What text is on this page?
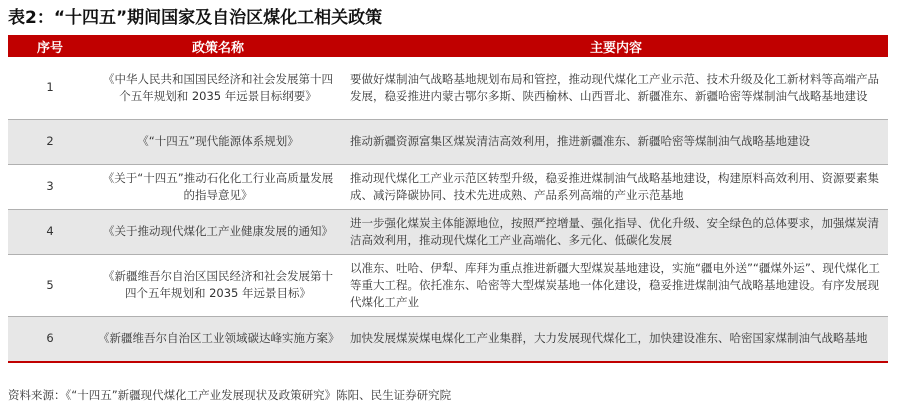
表2：“十四五”期间国家及自治区煤化工相关政策
序号	政策名称	主要内容
1	《中华人民共和国国民经济和社会发展第十四个五年规划和 2035 年远景目标纲要》	要做好煤制油气战略基地规划布局和管控，推动现代煤化工产业示范、技术升级及化工新材料等高端产品发展，稳妥推进内蒙古鄂尔多斯、陕西榆林、山西晋北、新疆准东、新疆哈密等煤制油气战略基地建设
2	《“十四五”现代能源体系规划》	推动新疆资源富集区煤炭清洁高效利用，推进新疆准东、新疆哈密等煤制油气战略基地建设
3	《关于“十四五”推动石化化工行业高质量发展的指导意见》	推动现代煤化工产业示范区转型升级，稳妥推进煤制油气战略基地建设，构建原料高效利用、资源要素集成、减污降碳协同、技术先进成熟、产品系列高端的产业示范基地
4	《关于推动现代煤化工产业健康发展的通知》	进一步强化煤炭主体能源地位，按照严控增量、强化指导、优化升级、安全绿色的总体要求，加强煤炭清洁高效利用，推动现代煤化工产业高端化、多元化、低碳化发展
5	《新疆维吾尔自治区国民经济和社会发展第十四个五年规划和 2035 年远景目标》	以准东、吐哈、伊犁、库拜为重点推进新疆大型煤炭基地建设，实施“疆电外送”“疆煤外运”、现代煤化工等重大工程。依托准东、哈密等大型煤炭基地一体化建设，稳妥推进煤制油气战略基地建设。有序发展现代煤化工产业
6	《新疆维吾尔自治区工业领域碳达峰实施方案》	加快发展煤炭煤电煤化工产业集群，大力发展现代煤化工，加快建设准东、哈密国家煤制油气战略基地
资料来源：《“十四五”新疆现代煤化工产业发展现状及政策研究》陈阳、民生证券研究院
